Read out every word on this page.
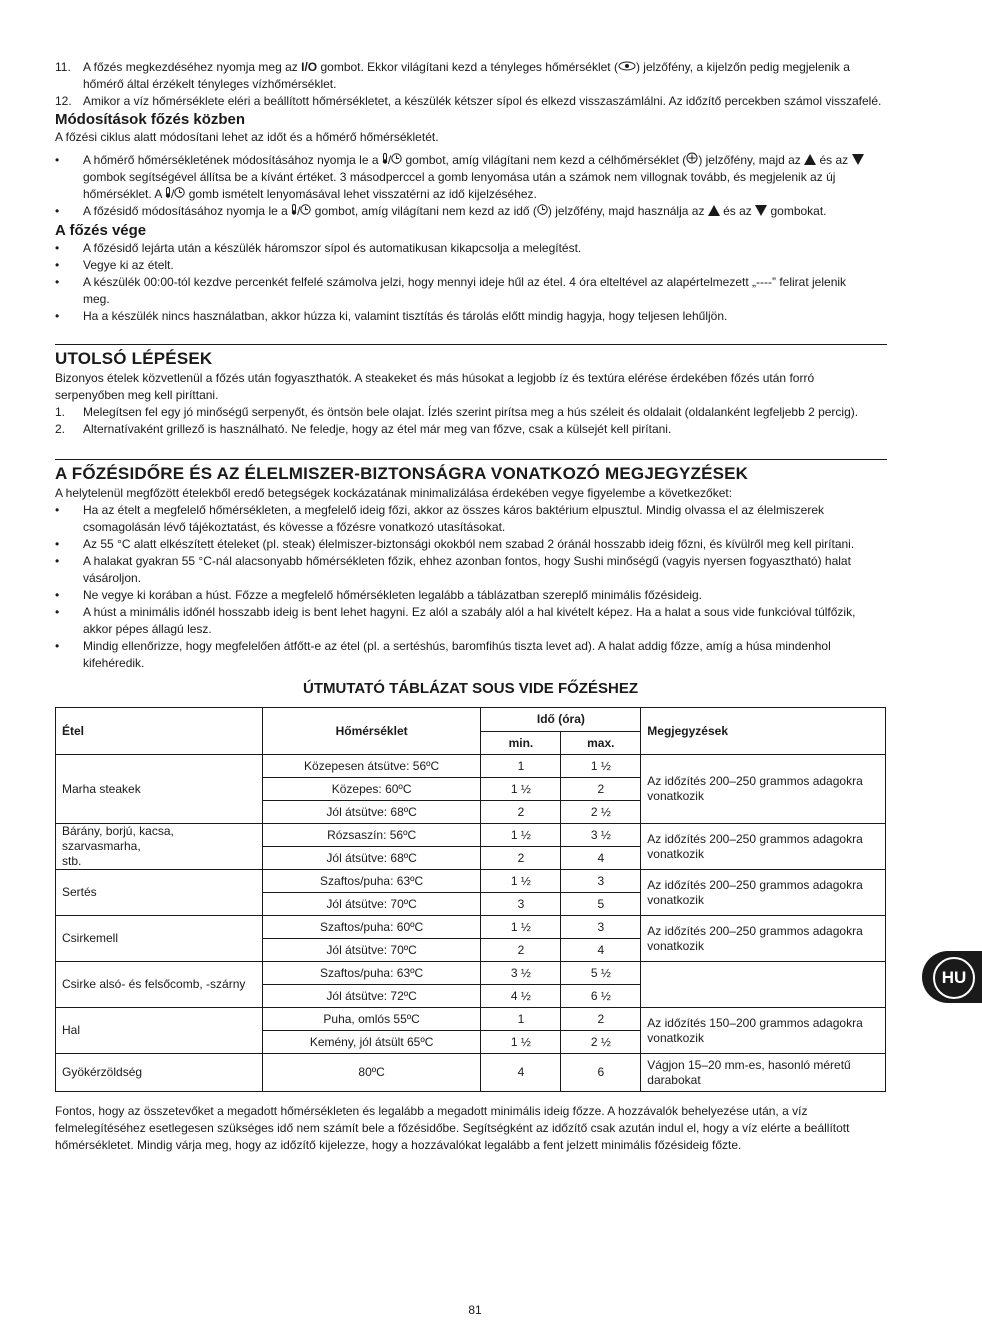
11. A főzés megkezdéséhez nyomja meg az I/O gombot. Ekkor világítani kezd a tényleges hőmérséklet ( ) jelzőfény, a kijelzőn pedig megjelenik a
hőmérő által érzékelt tényleges vízhőmérséklet.
12. Amikor a víz hőmérséklete eléri a beállított hőmérsékletet, a készülék kétszer sípol és elkezd visszaszámlálni. Az időzítő percekben számol visszafelé.
Módosítások főzés közben
A főzési ciklus alatt módosítani lehet az időt és a hőmérő hőmérsékletét.
• A hőmérő hőmérsékletének módosításához nyomja le a / gombot, amíg világítani nem kezd a célhőmérséklet ( ) jelzőfény, majd az  és az
gombok segítségével állítsa be a kívánt értéket. 3 másodperccel a gomb lenyomása után a számok nem villognak tovább, és megjelenik az új
hőmérséklet. A / gomb ismételt lenyomásával lehet visszatérni az idő kijelzéséhez.
• A főzésidő módosításához nyomja le a / gombot, amíg világítani nem kezd az idő ( ) jelzőfény, majd használja az  és az  gombokat.
A főzés vége
• A főzésidő lejárta után a készülék háromszor sípol és automatikusan kikapcsolja a melegítést.
• Vegye ki az ételt.
• A készülék 00:00-tól kezdve percenkét felfelé számolva jelzi, hogy mennyi ideje hűl az étel. 4 óra elteltével az alapértelmezett „----” felirat jelenik
meg.
• Ha a készülék nincs használatban, akkor húzza ki, valamint tisztítás és tárolás előtt mindig hagyja, hogy teljesen lehűljön.
UTOLSÓ LÉPÉSEK
Bizonyos ételek közvetlenül a főzés után fogyaszthatók. A steakeket és más húsokat a legjobb íz és textúra elérése érdekében főzés után forró
serpenyőben meg kell piríttani.
1. Melegítsen fel egy jó minőségű serpenyőt, és öntsön bele olajat. Ízlés szerint pirítsa meg a hús széleit és oldalait (oldalanként legfeljebb 2 percig).
2. Alternatívaként grillező is használható. Ne feledje, hogy az étel már meg van főzve, csak a külsejét kell pirítani.
A FŐZÉSIDŐRE ÉS AZ ÉLELMISZER-BIZTONSÁGRA VONATKOZÓ MEGJEGYZÉSEK
A helytelenül megfőzött ételekből eredő betegségek kockázatának minimalizálása érdekében vegye figyelembe a következőket:
• Ha az ételt a megfelelő hőmérsékleten, a megfelelő ideig főzi, akkor az összes káros baktérium elpusztul. Mindig olvassa el az élelmiszerek
csomagolásán lévő tájékoztatást, és kövesse a főzésre vonatkozó utasításokat.
• Az 55 °C alatt elkészített ételeket (pl. steak) élelmiszer-biztonsági okokból nem szabad 2 óránál hosszabb ideig főzni, és kívülről meg kell pirítani.
• A halakat gyakran 55 °C-nál alacsonyabb hőmérsékleten főzik, ehhez azonban fontos, hogy Sushi minőségű (vagyis nyersen fogyasztható) halat
vásároljon.
• Ne vegye ki korában a húst. Főzze a megfelelő hőmérsékleten legalább a táblázatban szereplő minimális főzésideig.
• A húst a minimális időnél hosszabb ideig is bent lehet hagyni. Ez alól a szabály alól a hal kivételt képez. Ha a halat a sous vide funkcióval túlfőzik,
akkor pépes állagú lesz.
• Mindig ellenőrizze, hogy megfelelően átfőtt-e az étel (pl. a sertéshús, baromfihús tiszta levet ad). A halat addig főzze, amíg a húsa mindenhol
kifehéredik.
ÚTMUTATÓ TÁBLÁZAT SOUS VIDE FŐZÉSHEZ
Étel	Hőmérséklet	Idő (óra)		Megjegyzések
		min.	max.	
Marha steakek	Közepesen átsütve: 56ºC	1	1 ½	Az időzítés 200–250 grammos adagokra
vonatkozik
	Közepes: 60ºC	1 ½	2	
	Jól átsütve: 68ºC	2	2 ½	
Bárány, borjú, kacsa, szarvasmarha,
stb.	Rózsaszín: 56ºC	1 ½	3 ½	Az időzítés 200–250 grammos adagokra
vonatkozik
	Jól átsütve: 68ºC	2	4	
Sertés	Szaftos/puha: 63ºC	1 ½	3	Az időzítés 200–250 grammos adagokra
vonatkozik
	Jól átsütve: 70ºC	3	5	
Csirkemell	Szaftos/puha: 60ºC	1 ½	3	Az időzítés 200–250 grammos adagokra
vonatkozik
	Jól átsütve: 70ºC	2	4	
Csirke alsó- és felsőcomb, -szárny	Szaftos/puha: 63ºC	3 ½	5 ½	
	Jól átsütve: 72ºC	4 ½	6 ½	
Hal	Puha, omlós 55ºC	1	2	Az időzítés 150–200 grammos adagokra
vonatkozik
	Kemény, jól átsült 65ºC	1 ½	2 ½	
Gyökérzöldség	80ºC	4	6	Vágjon 15–20 mm-es, hasonló méretű
darabokat
Fontos, hogy az összetevőket a megadott hőmérsékleten és legalább a megadott minimális ideig főzze. A hozzávalók behelyezése után, a víz
felmelegítéséhez esetlegesen szükséges idő nem számít bele a főzésidőbe. Segítségként az időzítő csak azután indul el, hogy a víz elérte a beállított
hőmérsékletet. Mindig várja meg, hogy az időzítő kijelezze, hogy a hozzávalókat legalább a fent jelzett minimális főzésideig főzte.
HU
81
